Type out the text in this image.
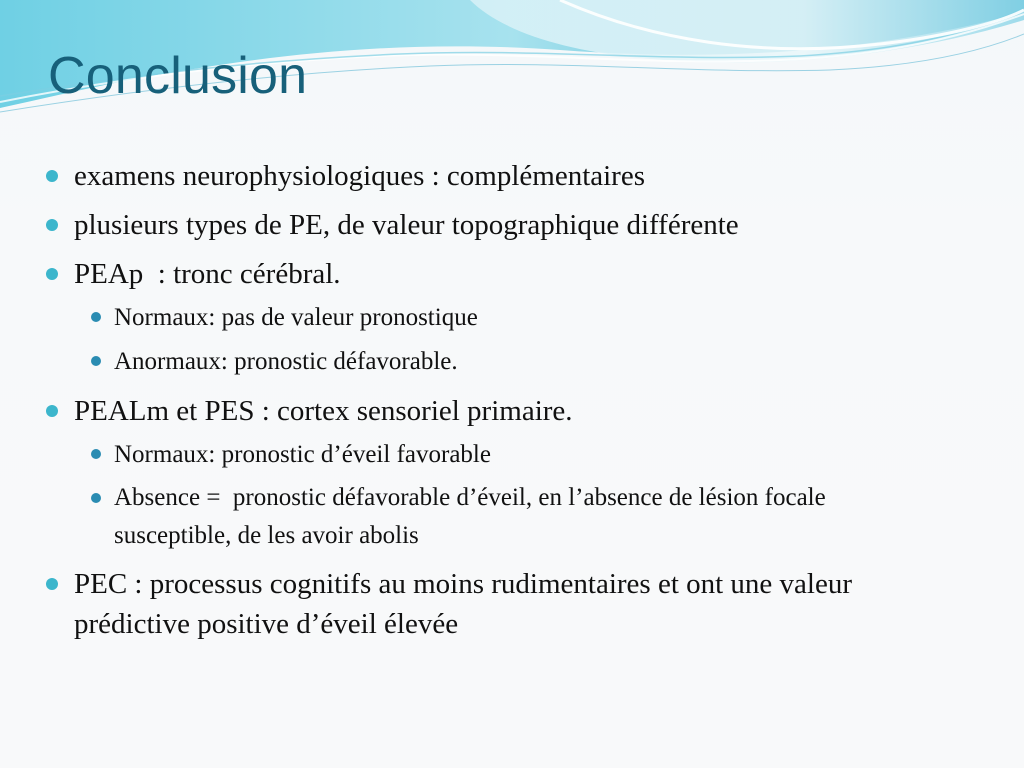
Conclusion
examens neurophysiologiques : complémentaires
plusieurs types de PE, de valeur topographique différente
PEAp  : tronc cérébral.
Normaux: pas de valeur pronostique
Anormaux: pronostic défavorable.
PEALm et PES : cortex sensoriel primaire.
Normaux: pronostic d’éveil favorable
Absence =  pronostic défavorable d’éveil, en l’absence de lésion focale susceptible, de les avoir abolis
PEC : processus cognitifs au moins rudimentaires et ont une valeur prédictive positive d’éveil élevée
